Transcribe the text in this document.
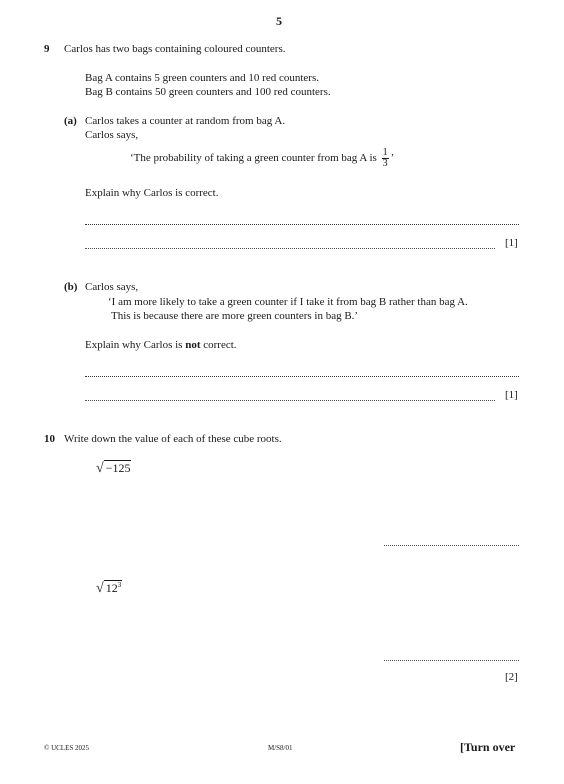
5
9 Carlos has two bags containing coloured counters.
Bag A contains 5 green counters and 10 red counters.
Bag B contains 50 green counters and 100 red counters.
(a) Carlos takes a counter at random from bag A.
Carlos says,
‘The probability of taking a green counter from bag A is $\frac{1}{3}$ ’
Explain why Carlos is correct.
[1]
(b) Carlos says,
‘I am more likely to take a green counter if I take it from bag B rather than bag A.
This is because there are more green counters in bag B.’
Explain why Carlos is not correct.
[1]
10 Write down the value of each of these cube roots.
√ −125
√ $12^3$
[2]
© UCLES 2025	M/S8/01	[Turn over
